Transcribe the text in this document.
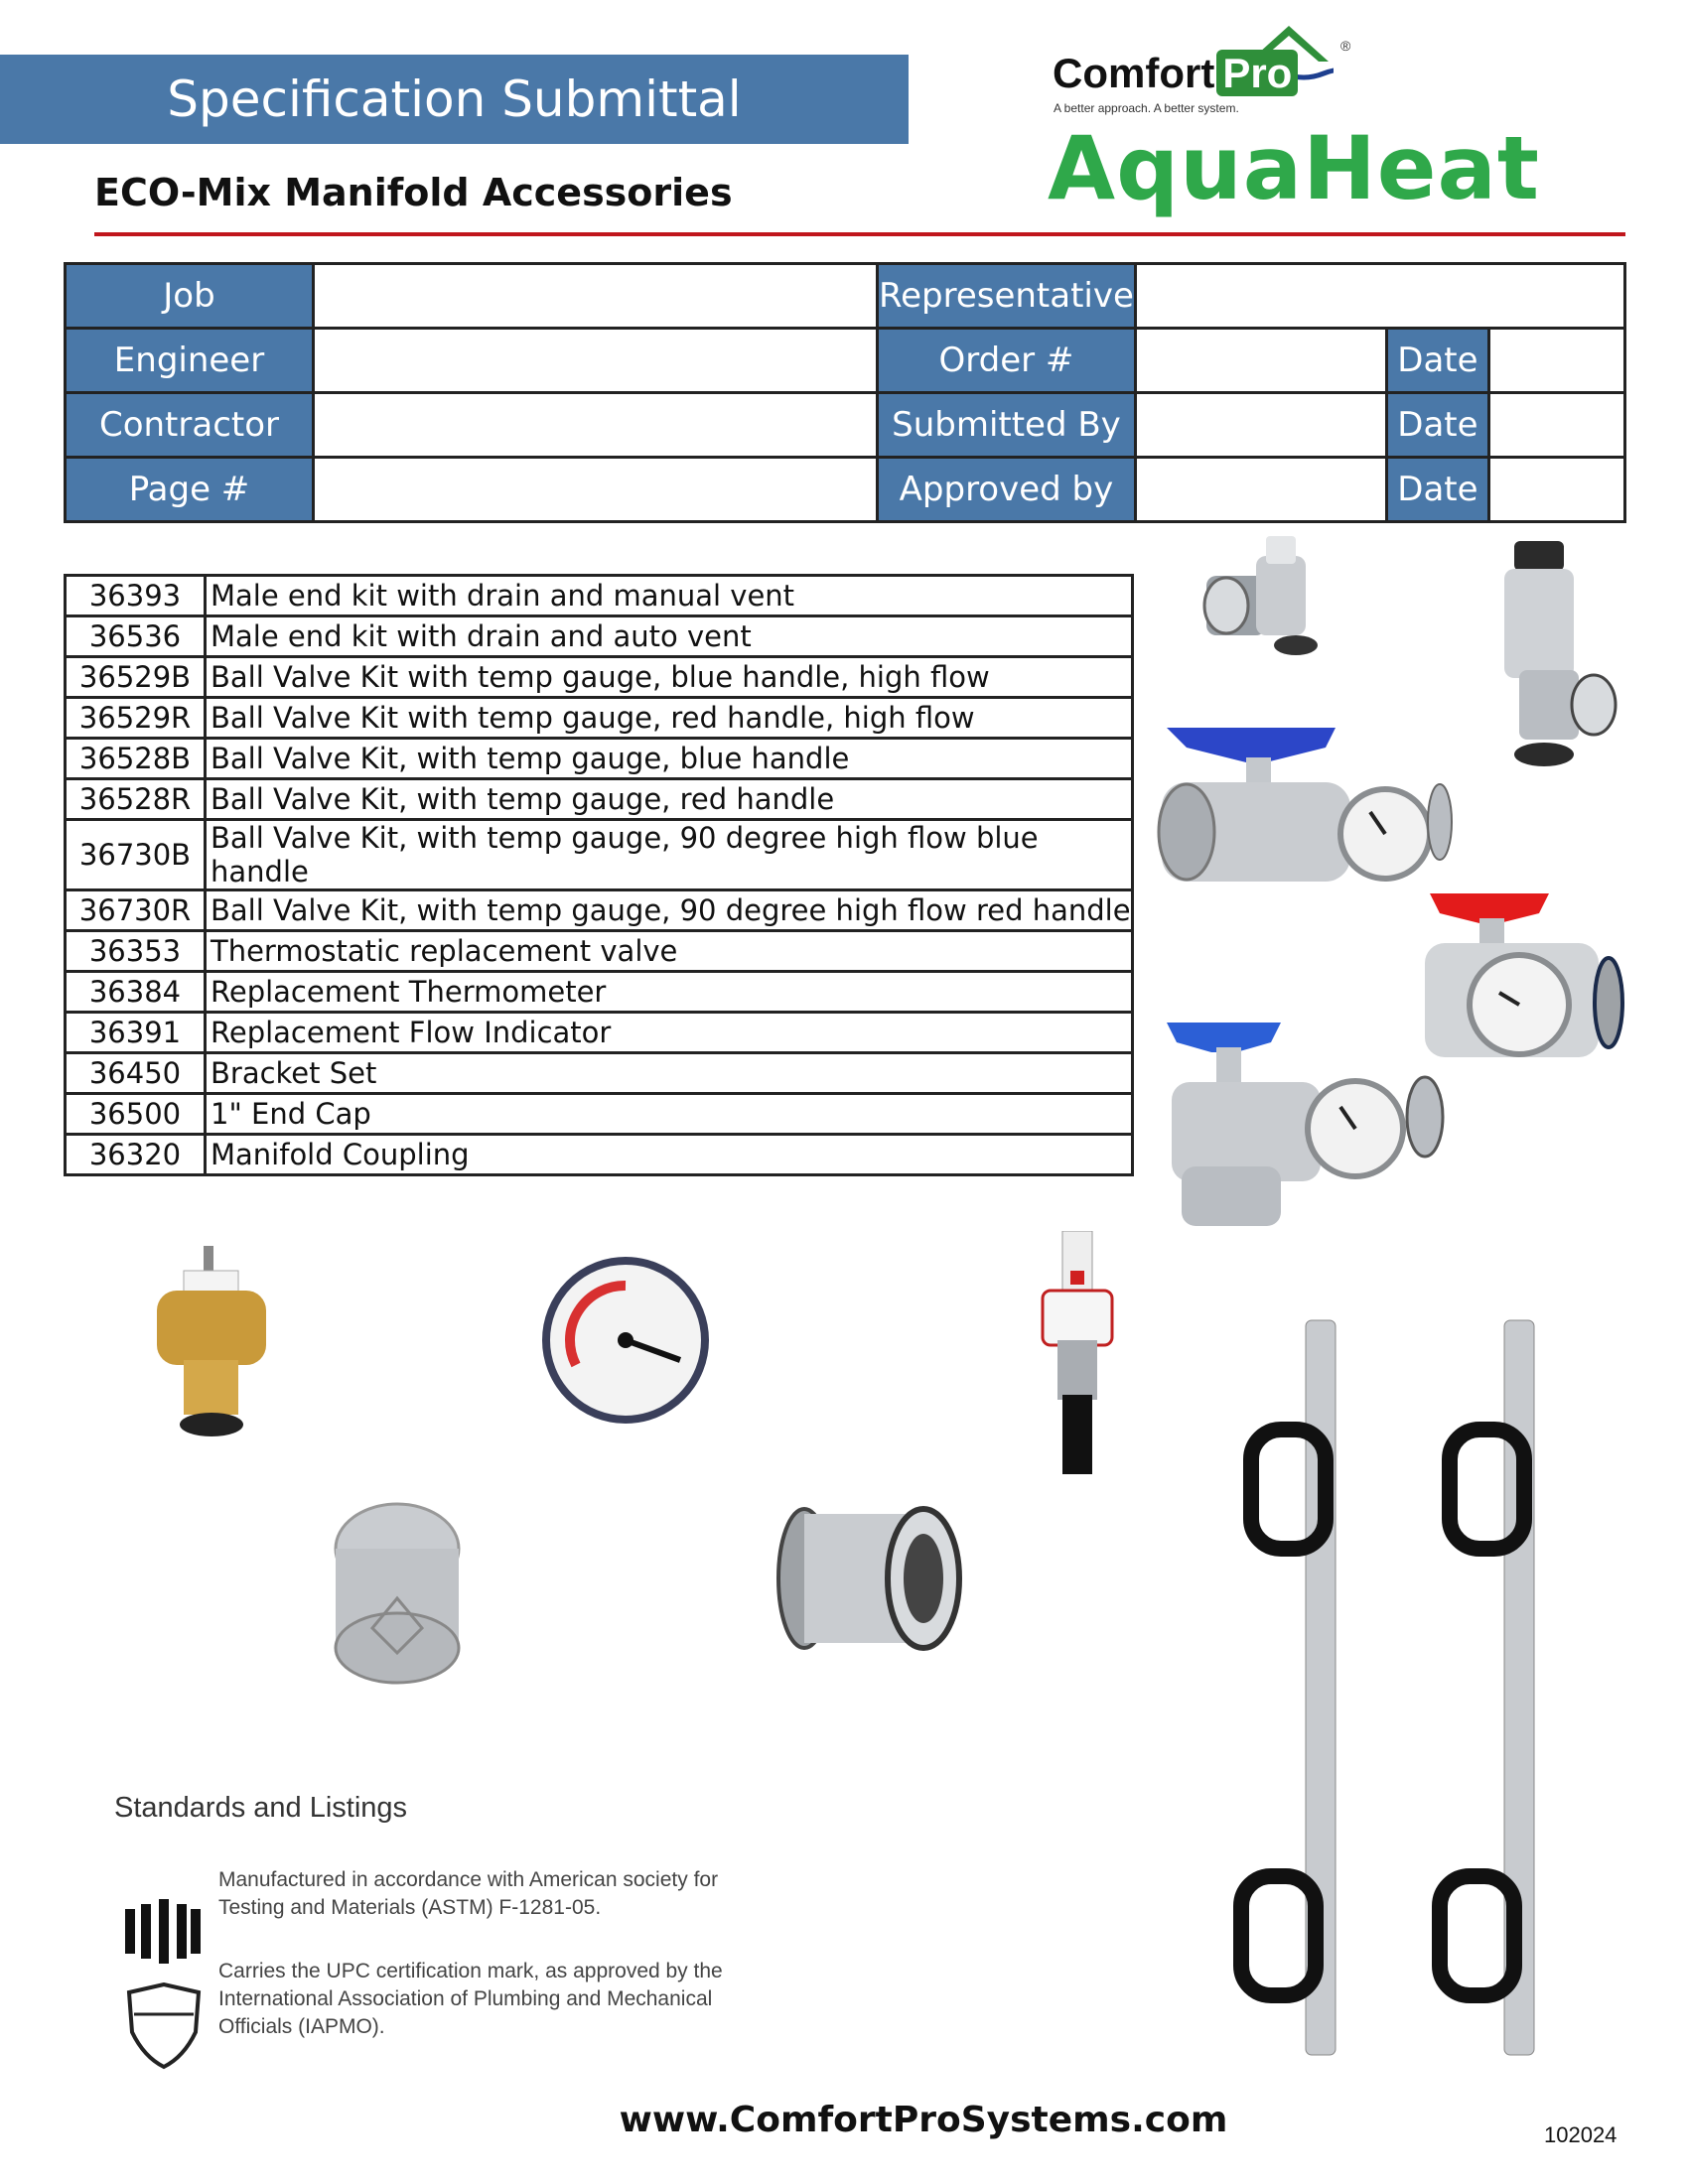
Specification Submittal
ECO-Mix Manifold Accessories
Comfort Pro
®
A better approach. A better system.
AquaHeat
Job		Representative			
Engineer		Order #		Date	
Contractor		Submitted By		Date	
Page #		Approved by		Date	
36393	Male end kit with drain and manual vent
36536	Male end kit with drain and auto vent
36529B	Ball Valve Kit with temp gauge, blue handle, high flow
36529R	Ball Valve Kit with temp gauge, red handle, high flow
36528B	Ball Valve Kit, with temp gauge, blue handle
36528R	Ball Valve Kit, with temp gauge, red handle
36730B	Ball Valve Kit, with temp gauge, 90 degree high flow blue handle
36730R	Ball Valve Kit, with temp gauge, 90 degree high flow red handle
36353	Thermostatic replacement valve
36384	Replacement Thermometer
36391	Replacement Flow Indicator
36450	Bracket Set
36500	1" End Cap
36320	Manifold Coupling
Standards and Listings
Manufactured in accordance with American society for Testing and Materials (ASTM) F-1281-05.
Carries the UPC certification mark, as approved by the International Association of Plumbing and Mechanical Officials (IAPMO).
www.ComfortProSystems.com	102024
